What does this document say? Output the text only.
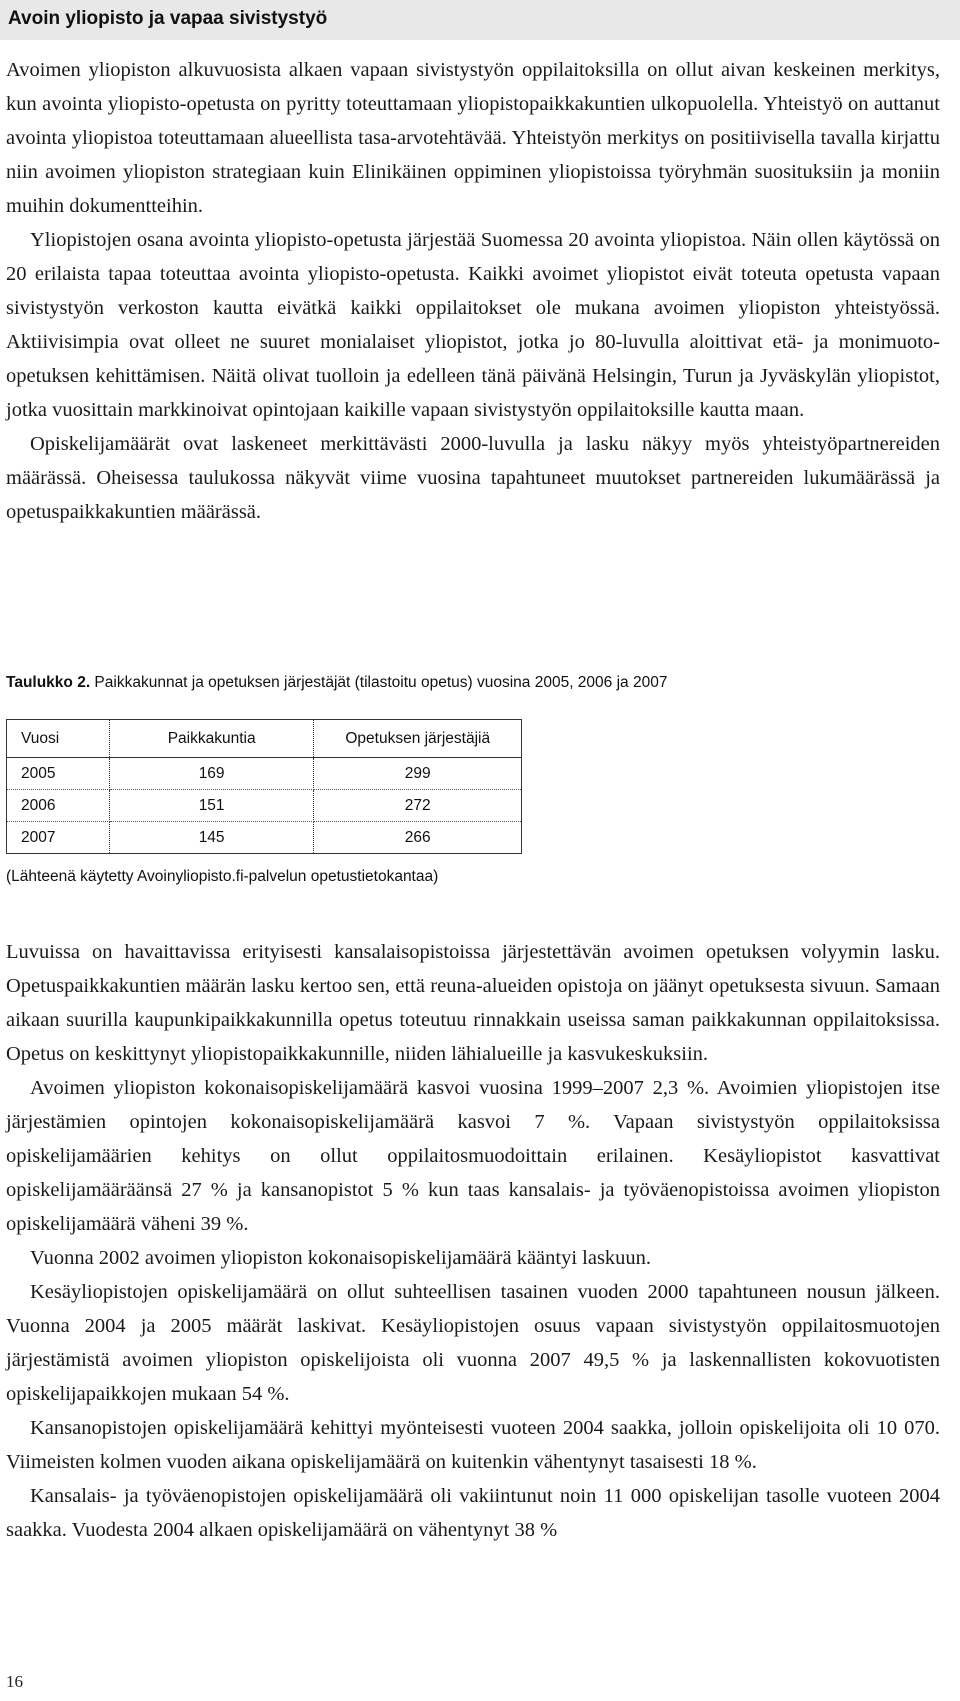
Avoin yliopisto ja vapaa sivistystyö

Avoimen yliopiston alkuvuosista alkaen vapaan sivistystyön oppilaitoksilla on ollut aivan keskeinen merkitys, kun avointa yliopisto-opetusta on pyritty toteuttamaan yliopistopaikkakuntien ulkopuolella. Yhteistyö on auttanut avointa yliopistoa toteuttamaan alueellista tasa-arvotehtävää. Yhteistyön merkitys on positiivisella tavalla kirjattu niin avoimen yliopiston strategiaan kuin Elinikäinen oppiminen yliopistoissa työryhmän suosituksiin ja moniin muihin dokumentteihin.

Yliopistojen osana avointa yliopisto-opetusta järjestää Suomessa 20 avointa yliopistoa. Näin ollen käytössä on 20 erilaista tapaa toteuttaa avointa yliopisto-opetusta. Kaikki avoimet yliopistot eivät toteuta opetusta vapaan sivistystyön verkoston kautta eivätkä kaikki oppilaitokset ole mukana avoimen yliopiston yhteistyössä. Aktiivisimpia ovat olleet ne suuret monialaiset yliopistot, jotka jo 80-luvulla aloittivat etä- ja monimuoto-opetuksen kehittämisen. Näitä olivat tuolloin ja edelleen tänä päivänä Helsingin, Turun ja Jyväskylän yliopistot, jotka vuosittain markkinoivat opintojaan kaikille vapaan sivistystyön oppilaitoksille kautta maan.

Opiskelijamäärät ovat laskeneet merkittävästi 2000-luvulla ja lasku näkyy myös yhteistyöpartnereiden määrässä. Oheisessa taulukossa näkyvät viime vuosina tapahtuneet muutokset partnereiden lukumäärässä ja opetuspaikkakuntien määrässä.

Taulukko 2. Paikkakunnat ja opetuksen järjestäjät (tilastoitu opetus) vuosina 2005, 2006 ja 2007
Vuosi	Paikkakuntia	Opetuksen järjestäjiä
2005	169	299
2006	151	272
2007	145	266
(Lähteenä käytetty Avoinyliopisto.fi-palvelun opetustietokantaa)

Luvuissa on havaittavissa erityisesti kansalaisopistoissa järjestettävän avoimen opetuksen volyymin lasku. Opetuspaikkakuntien määrän lasku kertoo sen, että reuna-alueiden opistoja on jäänyt opetuksesta sivuun. Samaan aikaan suurilla kaupunkipaikkakunnilla opetus toteutuu rinnakkain useissa saman paikkakunnan oppilaitoksissa. Opetus on keskittynyt yliopistopaikkakunnille, niiden lähialueille ja kasvukeskuksiin.

Avoimen yliopiston kokonaisopiskelijamäärä kasvoi vuosina 1999–2007 2,3 %. Avoimien yliopistojen itse järjestämien opintojen kokonaisopiskelijamäärä kasvoi 7 %. Vapaan sivistystyön oppilaitoksissa opiskelijamäärien kehitys on ollut oppilaitosmuodoittain erilainen. Kesäyliopistot kasvattivat opiskelijamääräänsä 27 % ja kansanopistot 5 % kun taas kansalais- ja työväenopistoissa avoimen yliopiston opiskelijamäärä väheni 39 %.

Vuonna 2002 avoimen yliopiston kokonaisopiskelijamäärä kääntyi laskuun.

Kesäyliopistojen opiskelijamäärä on ollut suhteellisen tasainen vuoden 2000 tapahtuneen nousun jälkeen. Vuonna 2004 ja 2005 määrät laskivat. Kesäyliopistojen osuus vapaan sivistystyön oppilaitosmuotojen järjestämistä avoimen yliopiston opiskelijoista oli vuonna 2007 49,5 % ja laskennallisten kokovuotisten opiskelijapaikkojen mukaan 54 %.

Kansanopistojen opiskelijamäärä kehittyi myönteisesti vuoteen 2004 saakka, jolloin opiskelijoita oli 10 070. Viimeisten kolmen vuoden aikana opiskelijamäärä on kuitenkin vähentynyt tasaisesti 18 %.

Kansalais- ja työväenopistojen opiskelijamäärä oli vakiintunut noin 11 000 opiskelijan tasolle vuoteen 2004 saakka. Vuodesta 2004 alkaen opiskelijamäärä on vähentynyt 38 %

16
